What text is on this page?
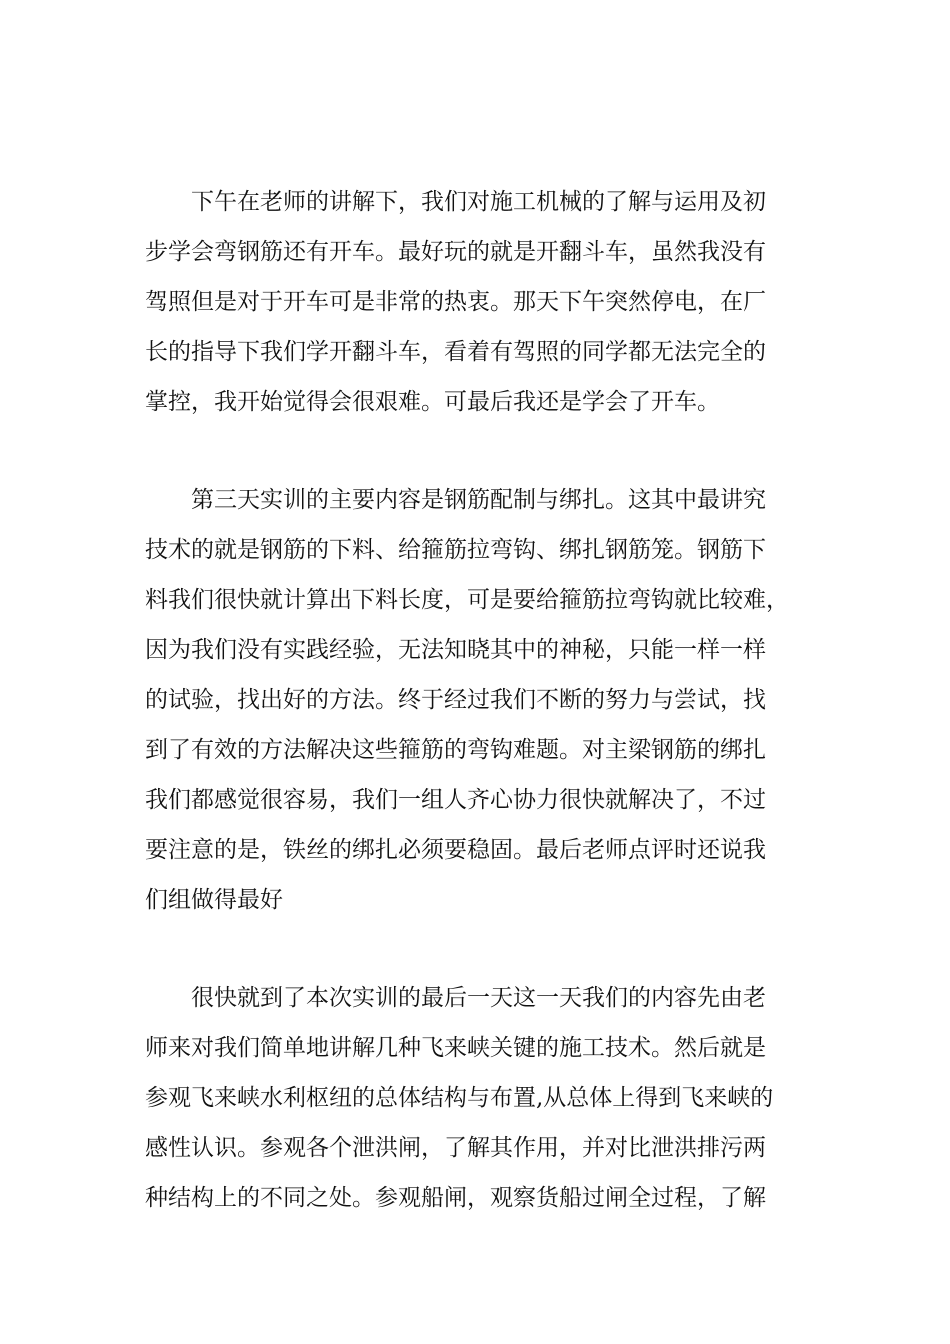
下午在老师的讲解下，我们对施工机械的了解与运用及初
步学会弯钢筋还有开车。最好玩的就是开翻斗车，虽然我没有
驾照但是对于开车可是非常的热衷。那天下午突然停电，在厂
长的指导下我们学开翻斗车，看着有驾照的同学都无法完全的
掌控，我开始觉得会很艰难。可最后我还是学会了开车。
第三天实训的主要内容是钢筋配制与绑扎。这其中最讲究
技术的就是钢筋的下料、给箍筋拉弯钩、绑扎钢筋笼。钢筋下
料我们很快就计算出下料长度，可是要给箍筋拉弯钩就比较难，
因为我们没有实践经验，无法知晓其中的神秘，只能一样一样
的试验，找出好的方法。终于经过我们不断的努力与尝试，找
到了有效的方法解决这些箍筋的弯钩难题。对主梁钢筋的绑扎
我们都感觉很容易，我们一组人齐心协力很快就解决了，不过
要注意的是，铁丝的绑扎必须要稳固。最后老师点评时还说我
们组做得最好
很快就到了本次实训的最后一天这一天我们的内容先由老
师来对我们简单地讲解几种飞来峡关键的施工技术。然后就是
参观飞来峡水利枢纽的总体结构与布置,从总体上得到飞来峡的
感性认识。参观各个泄洪闸，了解其作用，并对比泄洪排污两
种结构上的不同之处。参观船闸，观察货船过闸全过程，了解
